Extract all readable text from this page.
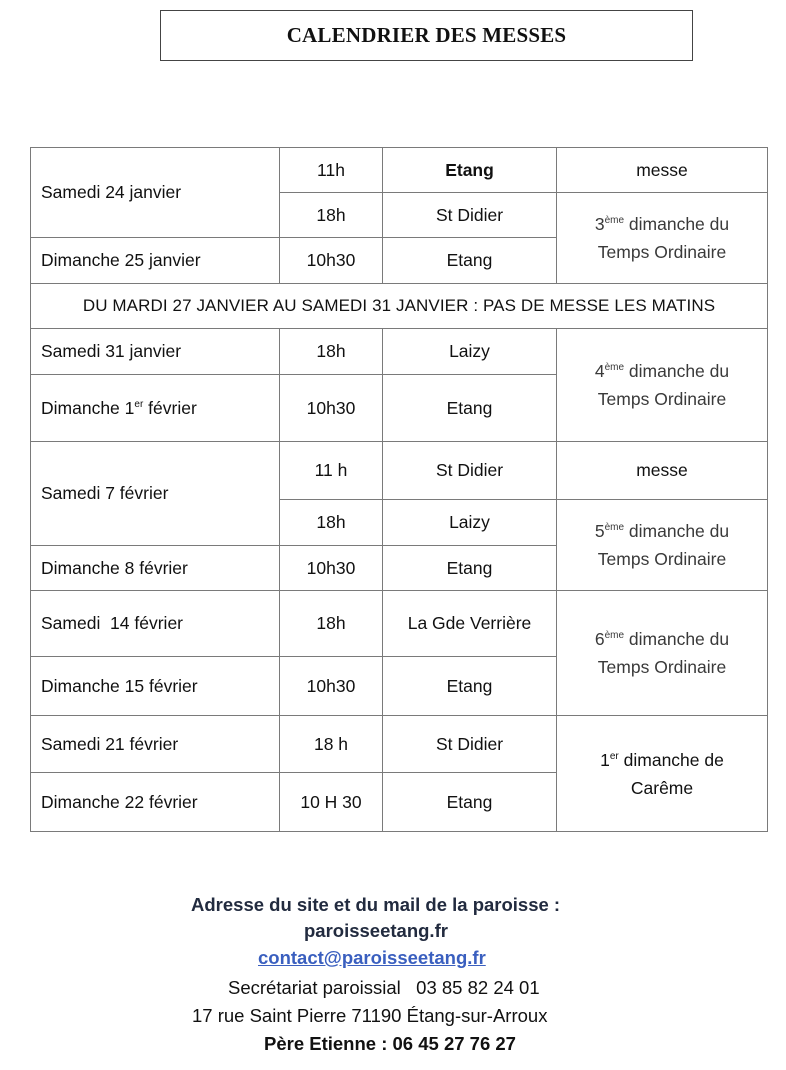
CALENDRIER DES MESSES
Samedi 24 janvier	11h	Etang	messe
	18h	St Didier	3ème dimanche du Temps Ordinaire
Dimanche 25 janvier	10h30	Etang	
DU MARDI 27 JANVIER AU SAMEDI 31 JANVIER : PAS DE MESSE LES MATINS			
Samedi 31 janvier	18h	Laizy	4ème dimanche du Temps Ordinaire
Dimanche 1er février	10h30	Etang	
Samedi 7 février	11 h	St Didier	messe
	18h	Laizy	5ème dimanche du Temps Ordinaire
Dimanche 8 février	10h30	Etang	
Samedi  14 février	18h	La Gde Verrière	6ème dimanche du Temps Ordinaire
Dimanche 15 février	10h30	Etang	
Samedi 21 février	18 h	St Didier	1er dimanche de Carême
Dimanche 22 février	10 H 30	Etang	
Adresse du site et du mail de la paroisse :
paroisseetang.fr
contact@paroisseetang.fr
Secrétariat paroissial   03 85 82 24 01
17 rue Saint Pierre 71190 Étang-sur-Arroux
Père Etienne : 06 45 27 76 27
